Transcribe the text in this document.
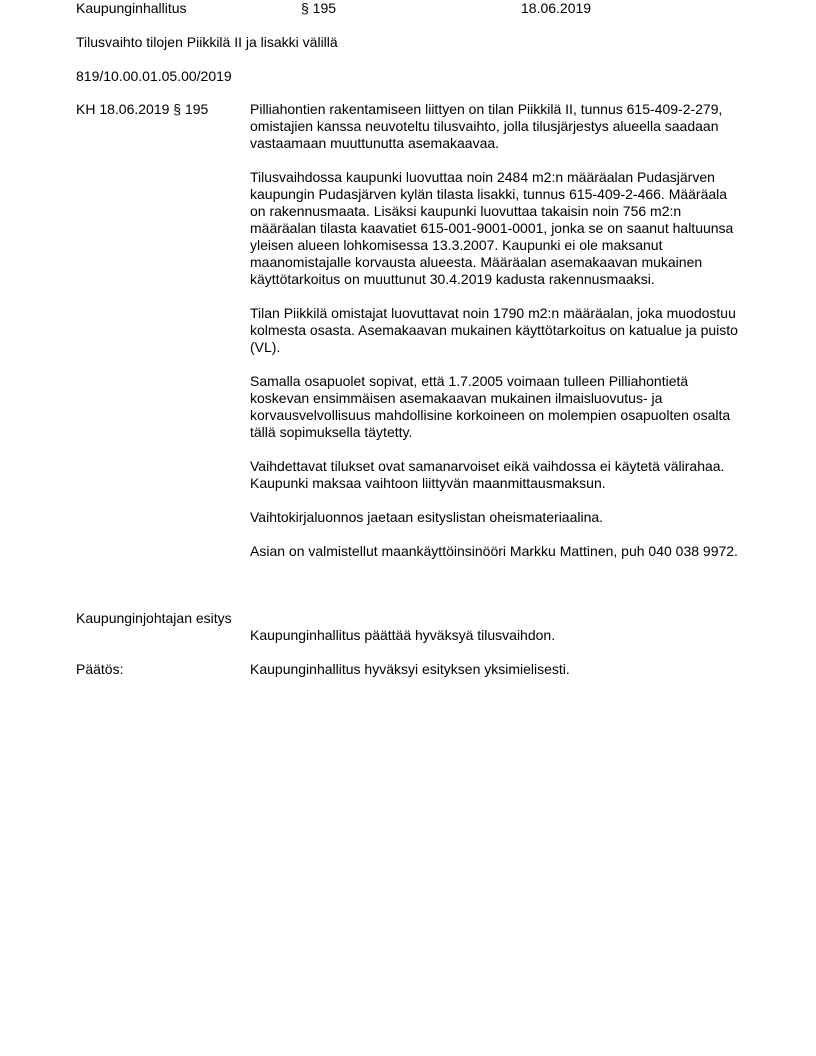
Kaupunginhallitus	§ 195	18.06.2019
Tilusvaihto tilojen Piikkilä II ja lisakki välillä
819/10.00.01.05.00/2019
KH 18.06.2019 § 195	Pilliahontien rakentamiseen liittyen on tilan Piikkilä II, tunnus 615-409-2-279, omistajien kanssa neuvoteltu tilusvaihto, jolla tilusjärjestys alueella saadaan vastaamaan muuttunutta asemakaavaa.

Tilusvaihdossa kaupunki luovuttaa noin 2484 m2:n määräalan Pudasjärven kaupungin Pudasjärven kylän tilasta lisakki, tunnus 615-409-2-466. Määräala on rakennusmaata. Lisäksi kaupunki luovuttaa takaisin noin 756 m2:n määräalan tilasta kaavatiet 615-001-9001-0001, jonka se on saanut haltuunsa yleisen alueen lohkomisessa 13.3.2007. Kaupunki ei ole maksanut maanomistajalle korvausta alueesta. Määräalan asemakaavan mukainen käyttötarkoitus on muuttunut 30.4.2019 kadusta rakennusmaaksi.

Tilan Piikkilä omistajat luovuttavat noin 1790 m2:n määräalan, joka muodostuu kolmesta osasta. Asemakaavan mukainen käyttötarkoitus on katualue ja puisto (VL).

Samalla osapuolet sopivat, että 1.7.2005 voimaan tulleen Pilliahontietä koskevan ensimmäisen asemakaavan mukainen ilmaisluovutus- ja korvausvelvollisuus mahdollisine korkoineen on molempien osapuolten osalta tällä sopimuksella täytetty.

Vaihdettavat tilukset ovat samanarvoiset eikä vaihdossa ei käytetä välirahaa. Kaupunki maksaa vaihtoon liittyvän maanmittausmaksun.

Vaihtokirjaluonnos jaetaan esityslistan oheismateriaalina.

Asian on valmistellut maankäyttöinsinööri Markku Mattinen, puh 040 038 9972.

Kaupunginjohtajan esitys
Kaupunginhallitus päättää hyväksyä tilusvaihdon.
Päätös:	Kaupunginhallitus hyväksyi esityksen yksimielisesti.
